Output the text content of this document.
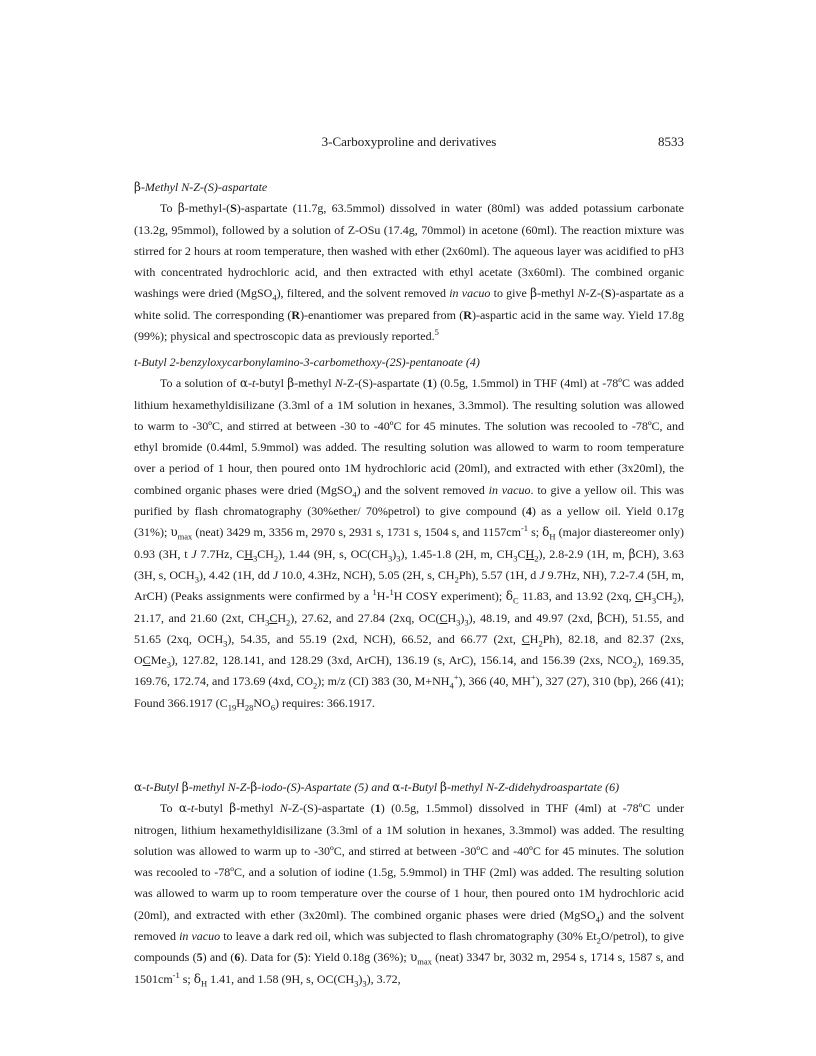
3-Carboxyproline and derivatives	8533

β-Methyl N-Z-(S)-aspartate

To β-methyl-(S)-aspartate (11.7g, 63.5mmol) dissolved in water (80ml) was added potassium carbonate (13.2g, 95mmol), followed by a solution of Z-OSu (17.4g, 70mmol) in acetone (60ml). The reaction mixture was stirred for 2 hours at room temperature, then washed with ether (2x60ml). The aqueous layer was acidified to pH3 with concentrated hydrochloric acid, and then extracted with ethyl acetate (3x60ml). The combined organic washings were dried (MgSO$_4$), filtered, and the solvent removed in vacuo to give β-methyl N-Z-(S)-aspartate as a white solid. The corresponding (R)-enantiomer was prepared from (R)-aspartic acid in the same way. Yield 17.8g (99%); physical and spectroscopic data as previously reported.$^5$

t-Butyl 2-benzyloxycarbonylamino-3-carbomethoxy-(2S)-pentanoate (4)

To a solution of α-t-butyl β-methyl N-Z-(S)-aspartate (1) (0.5g, 1.5mmol) in THF (4ml) at -78ºC was added lithium hexamethyldisilizane (3.3ml of a 1M solution in hexanes, 3.3mmol). The resulting solution was allowed to warm to -30ºC, and stirred at between -30 to -40ºC for 45 minutes. The solution was recooled to -78ºC, and ethyl bromide (0.44ml, 5.9mmol) was added. The resulting solution was allowed to warm to room temperature over a period of 1 hour, then poured onto 1M hydrochloric acid (20ml), and extracted with ether (3x20ml), the combined organic phases were dried (MgSO$_4$) and the solvent removed in vacuo. to give a yellow oil. This was purified by flash chromatography (30%ether/ 70%petrol) to give compound (4) as a yellow oil. Yield 0.17g (31%); $\upsilon_{max}$ (neat) 3429 m, 3356 m, 2970 s, 2931 s, 1731 s, 1504 s, and $1157cm^{-1}$ s; $\delta_H$ (major diastereomer only) 0.93 (3H, t J 7.7Hz, $CH_3CH_2$), 1.44 (9H, s, $OC(CH_3)_3$), 1.45-1.8 (2H, m, $CH_3CH_2$), 2.8-2.9 (1H, m, βCH), 3.63 (3H, s, $OCH_3$), 4.42 (1H, dd J 10.0, 4.3Hz, NCH), 5.05 (2H, s, $CH_2Ph$), 5.57 (1H, d J 9.7Hz, NH), 7.2-7.4 (5H, m, ArCH) (Peaks assignments were confirmed by a $^1$H-$^1$H COSY experiment); $\delta_C$ 11.83, and 13.92 (2xq, $CH_3CH_2$), 21.17, and 21.60 (2xt, $CH_3CH_2$), 27.62, and 27.84 (2xq, $OC(CH_3)_3$), 48.19, and 49.97 (2xd, βCH), 51.55, and 51.65 (2xq, $OCH_3$), 54.35, and 55.19 (2xd, NCH), 66.52, and 66.77 (2xt, $CH_2Ph$), 82.18, and 82.37 (2xs, OCMe$_3$), 127.82, 128.141, and 128.29 (3xd, ArCH), 136.19 (s, ArC), 156.14, and 156.39 (2xs, $NCO_2$), 169.35, 169.76, 172.74, and 173.69 (4xd, $CO_2$); m/z (CI) 383 (30, $M+NH_4^+$), 366 (40, MH+), 327 (27), 310 (bp), 266 (41); Found 366.1917 $(C_{19}H_{28}NO_6)$ requires: 366.1917.

α-t-Butyl β-methyl N-Z-β-iodo-(S)-Aspartate (5) and α-t-Butyl β-methyl N-Z-didehydroaspartate (6)

To α-t-butyl β-methyl N-Z-(S)-aspartate (1) (0.5g, 1.5mmol) dissolved in THF (4ml) at -78ºC under nitrogen, lithium hexamethyldisilizane (3.3ml of a 1M solution in hexanes, 3.3mmol) was added. The resulting solution was allowed to warm up to -30ºC, and stirred at between -30ºC and -40ºC for 45 minutes. The solution was recooled to -78ºC, and a solution of iodine (1.5g, 5.9mmol) in THF (2ml) was added. The resulting solution was allowed to warm up to room temperature over the course of 1 hour, then poured onto 1M hydrochloric acid (20ml), and extracted with ether (3x20ml). The combined organic phases were dried (MgSO$_4$) and the solvent removed in vacuo to leave a dark red oil, which was subjected to flash chromatography (30% $Et_2O/petrol$), to give compounds (5) and (6). Data for (5): Yield 0.18g (36%); $\upsilon_{max}$ (neat) 3347 br, 3032 m, 2954 s, 1714 s, 1587 s, and $1501cm^{-1}$ s; $\delta_H$ 1.41, and 1.58 (9H, s, $OC(CH_3)_3$), 3.72,
